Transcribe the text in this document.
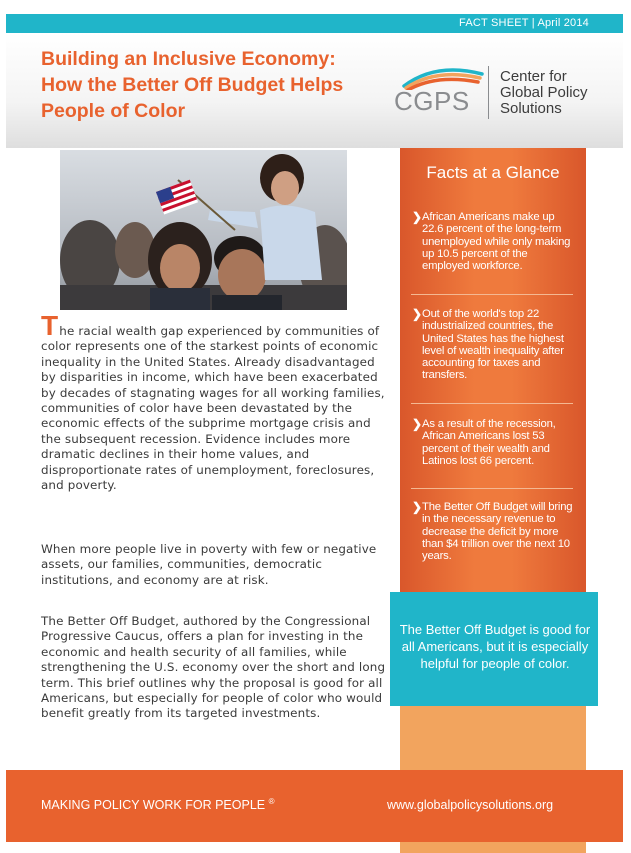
FACT SHEET | April 2014
Building an Inclusive Economy:
How the Better Off Budget Helps
People of Color	CGPS
Center for
Global Policy
Solutions
The racial wealth gap experienced by communities of color represents one of the starkest points of economic inequality in the United States. Already disadvantaged by disparities in income, which have been exacerbated by decades of stagnating wages for all working families, communities of color have been devastated by the economic effects of the subprime mortgage crisis and the subsequent recession. Evidence includes more dramatic declines in their home values, and disproportionate rates of unemployment, foreclosures, and poverty.
When more people live in poverty with few or negative assets, our families, communities, democratic institutions, and economy are at risk.
The Better Off Budget, authored by the Congressional Progressive Caucus, offers a plan for investing in the economic and health security of all families, while strengthening the U.S. economy over the short and long term. This brief outlines why the proposal is good for all Americans, but especially for people of color who would benefit greatly from its targeted investments.
Facts at a Glance
❯ African Americans make up 22.6 percent of the long-term unemployed while only making up 10.5 percent of the employed workforce.
❯ Out of the world's top 22 industrialized countries, the United States has the highest level of wealth inequality after accounting for taxes and transfers.
❯ As a result of the recession, African Americans lost 53 percent of their wealth and Latinos lost 66 percent.
❯ The Better Off Budget will bring in the necessary revenue to decrease the deficit by more than $4 trillion over the next 10 years.
The Better Off Budget is good for all Americans, but it is especially helpful for people of color.
MAKING POLICY WORK FOR PEOPLE ®	www.globalpolicysolutions.org
